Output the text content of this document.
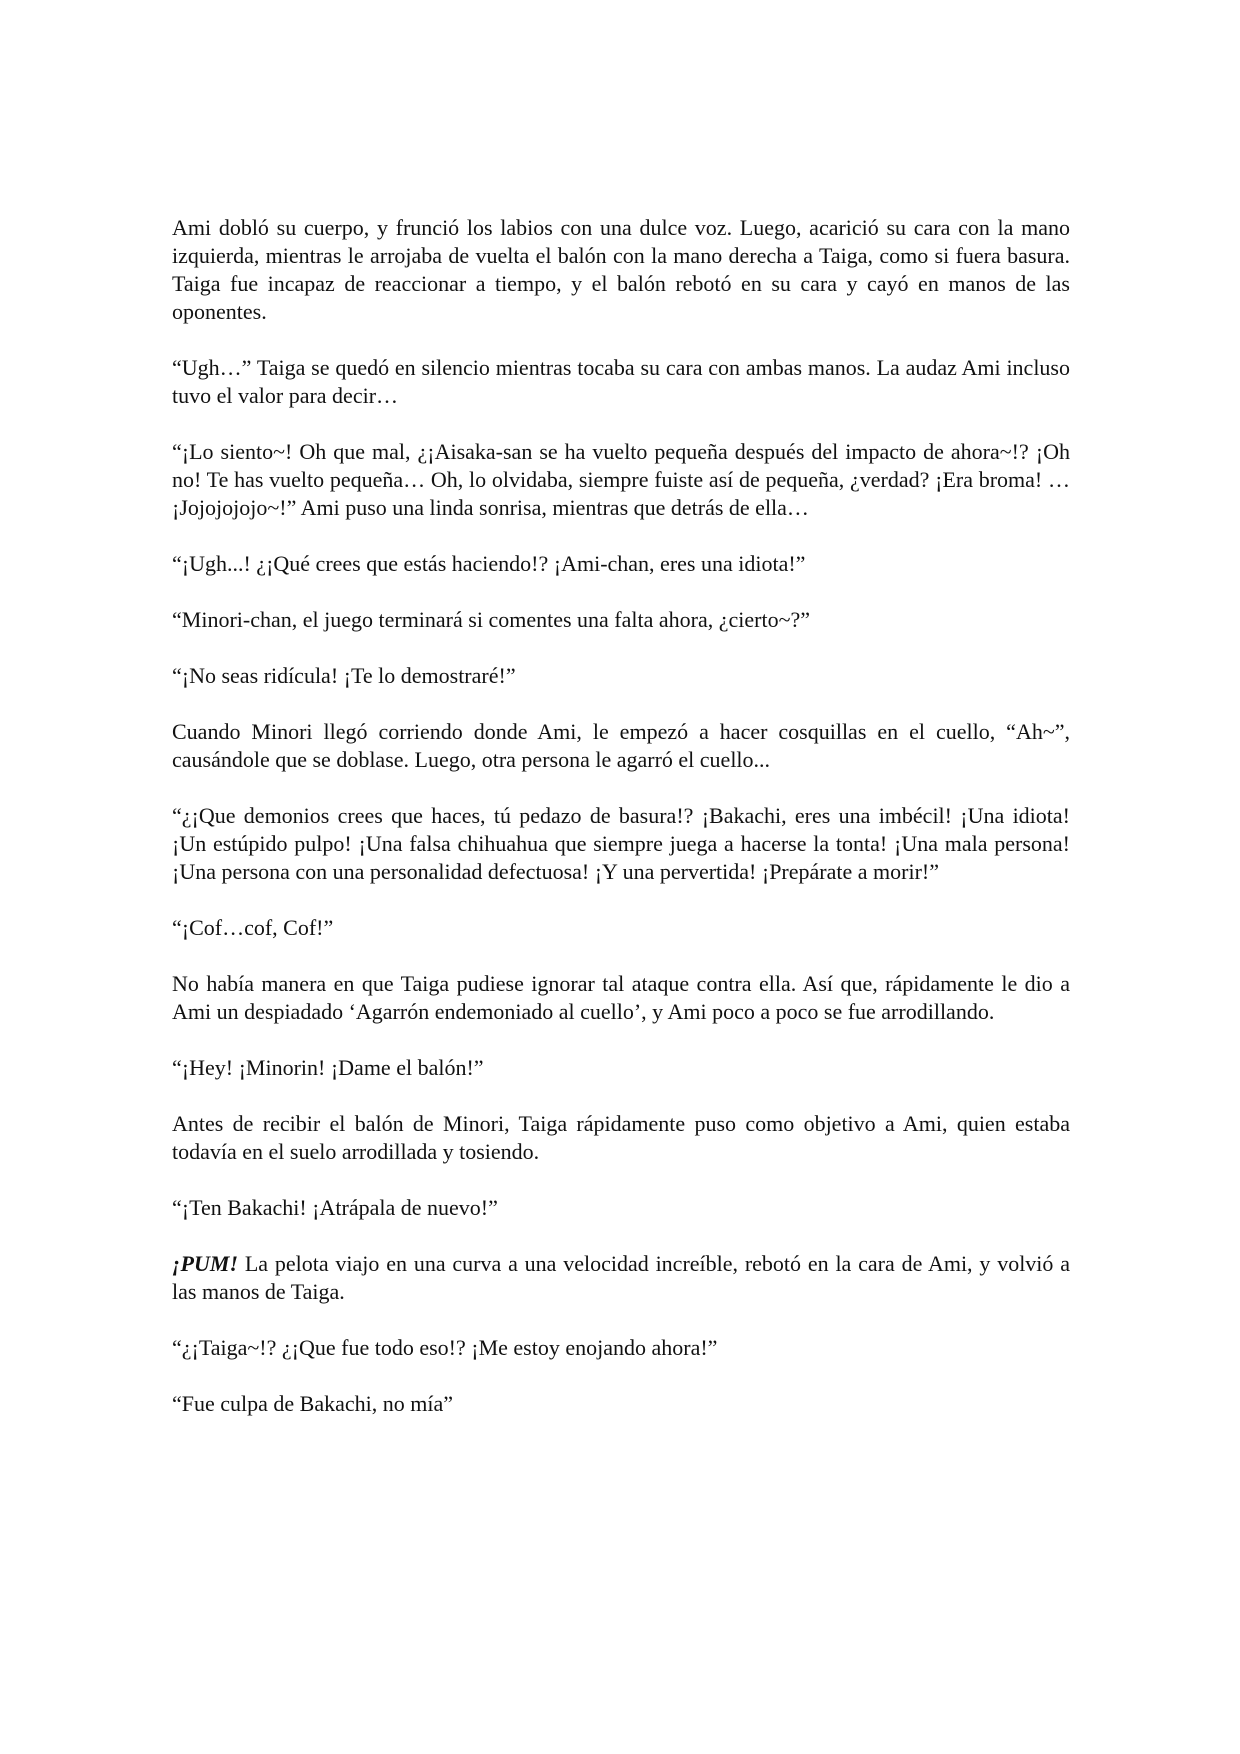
Ami dobló su cuerpo, y frunció los labios con una dulce voz. Luego, acarició su cara con la mano izquierda, mientras le arrojaba de vuelta el balón con la mano derecha a Taiga, como si fuera basura. Taiga fue incapaz de reaccionar a tiempo, y el balón rebotó en su cara y cayó en manos de las oponentes.

“Ugh…” Taiga se quedó en silencio mientras tocaba su cara con ambas manos. La audaz Ami incluso tuvo el valor para decir…

“¡Lo siento~! Oh que mal, ¿¡Aisaka-san se ha vuelto pequeña después del impacto de ahora~!? ¡Oh no! Te has vuelto pequeña… Oh, lo olvidaba, siempre fuiste así de pequeña, ¿verdad? ¡Era broma! … ¡Jojojojojo~!” Ami puso una linda sonrisa, mientras que detrás de ella…

“¡Ugh...! ¿¡Qué crees que estás haciendo!? ¡Ami-chan, eres una idiota!”

“Minori-chan, el juego terminará si comentes una falta ahora, ¿cierto~?”

“¡No seas ridícula! ¡Te lo demostraré!”

Cuando Minori llegó corriendo donde Ami, le empezó a hacer cosquillas en el cuello, “Ah~”, causándole que se doblase. Luego, otra persona le agarró el cuello...

“¿¡Que demonios crees que haces, tú pedazo de basura!? ¡Bakachi, eres una imbécil! ¡Una idiota! ¡Un estúpido pulpo! ¡Una falsa chihuahua que siempre juega a hacerse la tonta! ¡Una mala persona! ¡Una persona con una personalidad defectuosa! ¡Y una pervertida! ¡Prepárate a morir!”

“¡Cof…cof, Cof!”

No había manera en que Taiga pudiese ignorar tal ataque contra ella. Así que, rápidamente le dio a Ami un despiadado ‘Agarrón endemoniado al cuello’, y Ami poco a poco se fue arrodillando.

“¡Hey! ¡Minorin! ¡Dame el balón!”

Antes de recibir el balón de Minori, Taiga rápidamente puso como objetivo a Ami, quien estaba todavía en el suelo arrodillada y tosiendo.

“¡Ten Bakachi! ¡Atrápala de nuevo!”

¡PUM! La pelota viajo en una curva a una velocidad increíble, rebotó en la cara de Ami, y volvió a las manos de Taiga.

“¿¡Taiga~!? ¿¡Que fue todo eso!? ¡Me estoy enojando ahora!”

“Fue culpa de Bakachi, no mía”
